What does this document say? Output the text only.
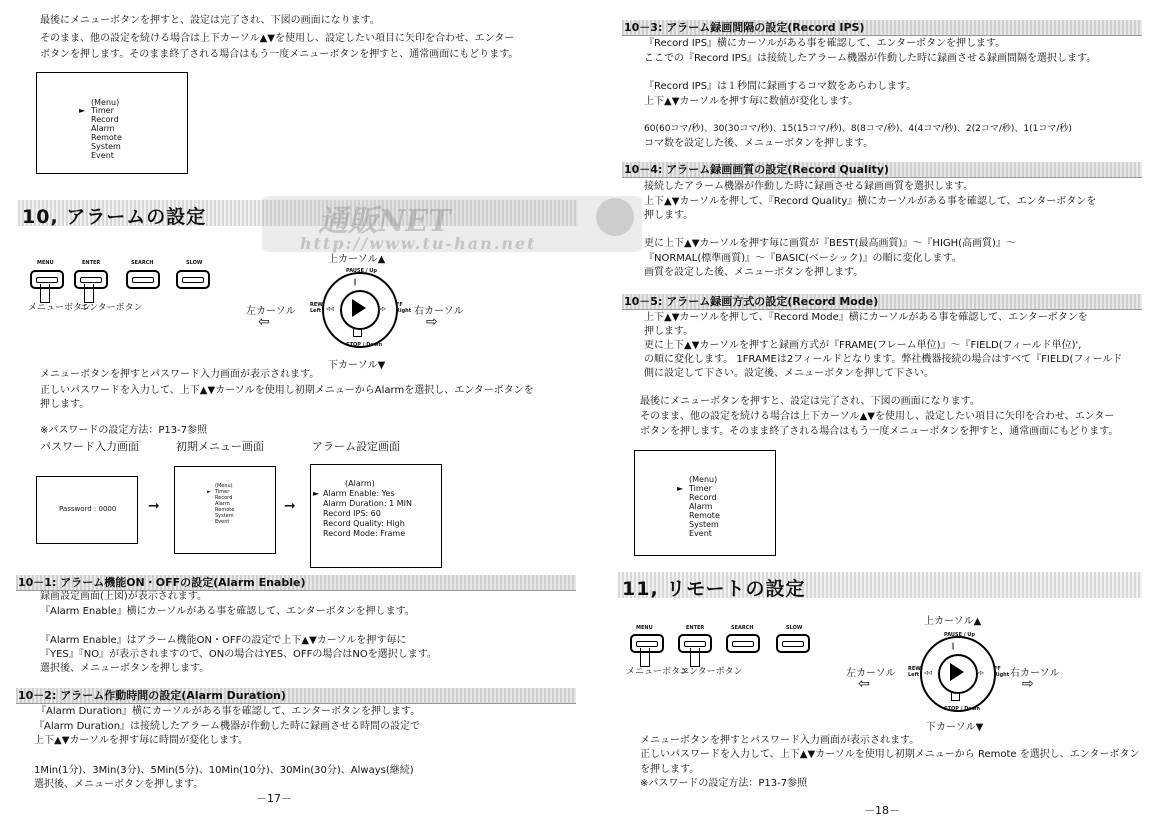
最後にメニューボタンを押すと、設定は完了され、下図の画面になります。
そのまま、他の設定を続ける場合は上下カーソル▲▼を使用し、設定したい項目に矢印を合わせ、エンター
ボタンを押します。そのまま終了される場合はもう一度メニューボタンを押すと、通常画面にもどります。
(Menu)
► Timer
Record
Alarm
Remote
System
Event
10, アラームの設定
MENU	ENTER	SEARCH	SLOW
メニューボタン
エンターボタン
上カーソル▲
下カーソル▼
左カーソル
⇦
右カーソル
⇨
PAUSE / Up
∥
STOP / Down
◃◃	▹▹
REW Left
FF Right
メニューボタンを押すとパスワード入力画面が表示されます。
正しいパスワードを入力して、上下▲▼カーソルを使用し初期メニューからAlarmを選択し、エンターボタンを
押します。
※パスワードの設定方法：P13-7参照
パスワード入力画面	初期メニュー画面	アラーム設定画面
Password : 0000 ➞
(Menu)
► Timer
Record
Alarm
Remote
System
Event
➞
(Alarm)
► Alarm Enable: Yes
Alarm Duration: 1 MIN
Record IPS: 60
Record Quality: High
Record Mode: Frame
10－1: アラーム機能ON・OFFの設定(Alarm Enable)
録画設定画面(上図)が表示されます。
『Alarm Enable』横にカーソルがある事を確認して、エンターボタンを押します。
『Alarm Enable』はアラーム機能ON・OFFの設定で上下▲▼カーソルを押す毎に
『YES』『NO』が表示されますので、ONの場合はYES、OFFの場合はNOを選択します。
選択後、メニューボタンを押します。
10－2: アラーム作動時間の設定(Alarm Duration)
『Alarm Duration』横にカーソルがある事を確認して、エンターボタンを押します。
『Alarm Duration』は接続したアラーム機器が作動した時に録画させる時間の設定で
上下▲▼カーソルを押す毎に時間が変化します。
1Min(1分)、3Min(3分)、5Min(5分)、10Min(10分)、30Min(30分)、Always(継続)
選択後、メニューボタンを押します。
－17－
10－3: アラーム録画間隔の設定(Record IPS)
『Record IPS』横にカーソルがある事を確認して、エンターボタンを押します。
ここでの『Record IPS』は接続したアラーム機器が作動した時に録画させる録画間隔を選択します。
『Record IPS』は１秒間に録画するコマ数をあらわします。
上下▲▼カーソルを押す毎に数値が変化します。
60(60コマ/秒)、30(30コマ/秒)、15(15コマ/秒)、8(8コマ/秒)、4(4コマ/秒)、2(2コマ/秒)、1(1コマ/秒)
コマ数を設定した後、メニューボタンを押します。
10－4: アラーム録画画質の設定(Record Quality)
接続したアラーム機器が作動した時に録画させる録画画質を選択します。
上下▲▼カーソルを押して、『Record Quality』横にカーソルがある事を確認して、エンターボタンを
押します。
更に上下▲▼カーソルを押す毎に画質が『BEST(最高画質)』～『HIGH(高画質)』～
『NORMAL(標準画質)』～『BASIC(ベーシック)』の順に変化します。
画質を設定した後、メニューボタンを押します。
10－5: アラーム録画方式の設定(Record Mode)
上下▲▼カーソルを押して、『Record Mode』横にカーソルがある事を確認して、エンターボタンを
押します。
更に上下▲▼カーソルを押すと録画方式が『FRAME(フレーム単位)』～『FIELD(フィールド単位)',
の順に変化します。 1FRAMEは2フィールドとなります。弊社機器接続の場合はすべて『FIELD(フィールド
側に設定して下さい。設定後、メニューボタンを押して下さい。
最後にメニューボタンを押すと、設定は完了され、下図の画面になります。
そのまま、他の設定を続ける場合は上下カーソル▲▼を使用し、設定したい項目に矢印を合わせ、エンター
ボタンを押します。そのまま終了される場合はもう一度メニューボタンを押すと、通常画面にもどります。
(Menu)
► Timer
Record
Alarm
Remote
System
Event
11, リモートの設定
MENU	ENTER	SEARCH	SLOW
メニューボタン
エンターボタン
上カーソル▲
下カーソル▼
左カーソル
⇦
右カーソル
⇨
PAUSE / Up
∥
STOP / Down
◃◃	▹▹
REW Left
FF Right
メニューボタンを押すとパスワード入力画面が表示されます。
正しいパスワードを入力して、上下▲▼カーソルを使用し初期メニューから Remote を選択し、エンターボタン
を押します。
※パスワードの設定方法：P13-7参照
－18－
通販NET
http://www.tu-han.net
